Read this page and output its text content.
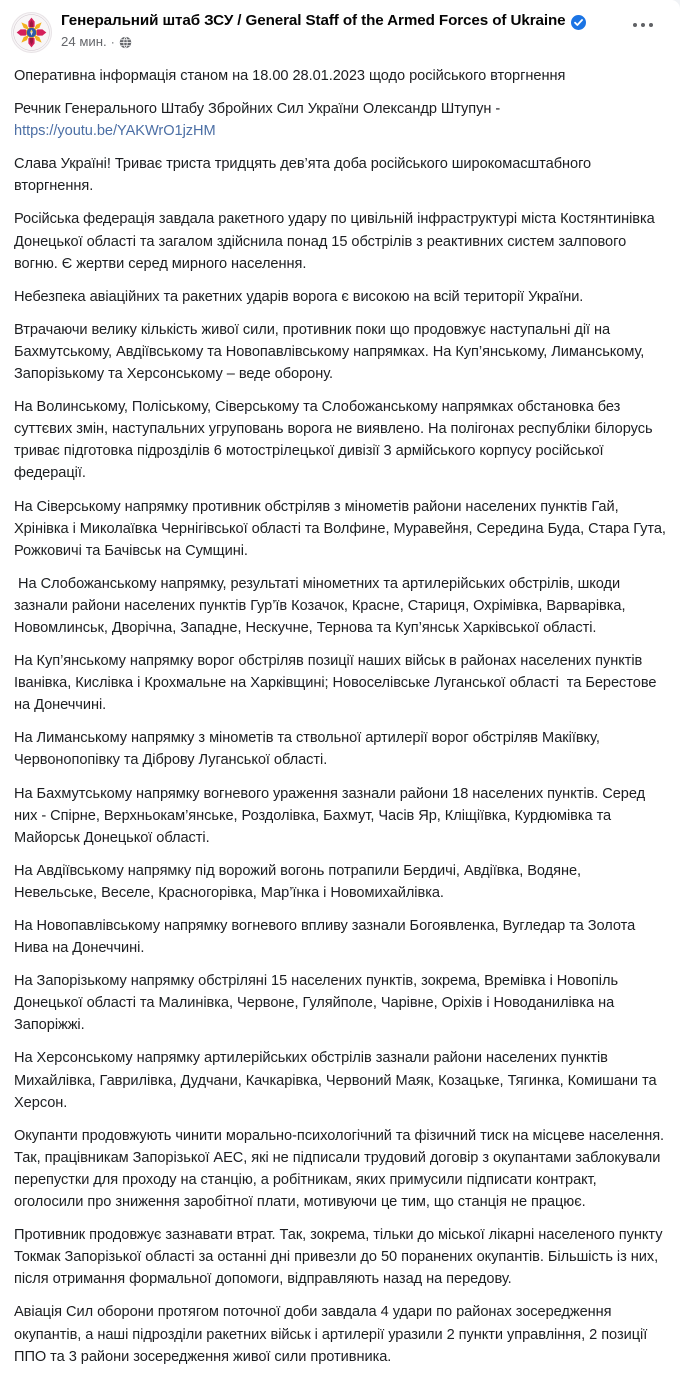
Генеральний штаб ЗСУ / General Staff of the Armed Forces of Ukraine
24 мин. ·

Оперативна інформація станом на 18.00 28.01.2023 щодо російського вторгнення

Речник Генерального Штабу Збройних Сил України Олександр Штупун -

https://youtu.be/YAKWrO1jzHM

Слава Україні! Триває триста тридцять дев’ята доба російського широкомасштабного вторгнення.

Російська федерація завдала ракетного удару по цивільній інфраструктурі міста Костянтинівка Донецької області та загалом здійснила понад 15 обстрілів з реактивних систем залпового вогню. Є жертви серед мирного населення.

Небезпека авіаційних та ракетних ударів ворога є високою на всій території України.

Втрачаючи велику кількість живої сили, противник поки що продовжує наступальні дії на Бахмутському, Авдіївському та Новопавлівському напрямках. На Куп’янському, Лиманському, Запорізькому та Херсонському – веде оборону.

На Волинському, Поліському, Сіверському та Слобожанському напрямках обстановка без суттєвих змін, наступальних угруповань ворога не виявлено. На полігонах республіки білорусь триває підготовка підрозділів 6 мотострілецької дивізії 3 армійського корпусу російської федерації.

На Сіверському напрямку противник обстріляв з мінометів райони населених пунктів Гай, Хрінівка і Миколаївка Чернігівської області та Волфине, Муравейня, Середина Буда, Стара Гута, Рожковичі та Бачівськ на Сумщині.

На Слобожанському напрямку, результаті мінометних та артилерійських обстрілів, шкоди зазнали райони населених пунктів Гур’їв Козачок, Красне, Стариця, Охрімівка, Варварівка, Новомлинськ, Дворічна, Западне, Нескучне, Тернова та Куп’янськ Харківської області.

На Куп’янському напрямку ворог обстріляв позиції наших військ в районах населених пунктів Іванівка, Кислівка і Крохмальне на Харківщині; Новоселівське Луганської області  та Берестове на Донеччині.

На Лиманському напрямку з мінометів та ствольної артилерії ворог обстріляв Макіївку, Червонопопівку та Діброву Луганської області.

На Бахмутському напрямку вогневого ураження зазнали райони 18 населених пунктів. Серед них - Спірне, Верхньокам’янське, Роздолівка, Бахмут, Часів Яр, Кліщіївка, Курдюмівка та Майорськ Донецької області.

На Авдіївському напрямку під ворожий вогонь потрапили Бердичі, Авдіївка, Водяне, Невельське, Веселе, Красногорівка, Мар’їнка і Новомихайлівка.

На Новопавлівському напрямку вогневого впливу зазнали Богоявленка, Вугледар та Золота Нива на Донеччині.

На Запорізькому напрямку обстріляні 15 населених пунктів, зокрема, Времівка і Новопіль Донецької області та Малинівка, Червоне, Гуляйполе, Чарівне, Оріхів і Новоданилівка на Запоріжжі.

На Херсонському напрямку артилерійських обстрілів зазнали райони населених пунктів Михайлівка, Гаврилівка, Дудчани, Качкарівка, Червоний Маяк, Козацьке, Тягинка, Комишани та Херсон.

Окупанти продовжують чинити морально-психологічний та фізичний тиск на місцеве населення. Так, працівникам Запорізької АЕС, які не підписали трудовий договір з окупантами заблокували перепустки для проходу на станцію, а робітникам, яких примусили підписати контракт, оголосили про зниження заробітної плати, мотивуючи це тим, що станція не працює.

Противник продовжує зазнавати втрат. Так, зокрема, тільки до міської лікарні населеного пункту Токмак Запорізької області за останні дні привезли до 50 поранених окупантів. Більшість із них, після отримання формальної допомоги, відправляють назад на передову.

Авіація Сил оборони протягом поточної доби завдала 4 удари по районах зосередження окупантів, а наші підрозділи ракетних військ і артилерії уразили 2 пункти управління, 2 позиції ППО та 3 райони зосередження живої сили противника.
